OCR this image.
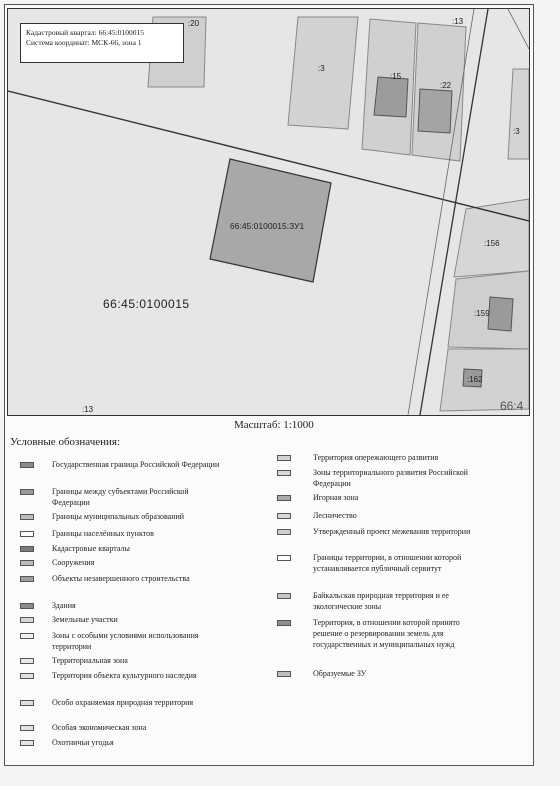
Кадастровый квартал: 66:45:0100015
Система координат: МСК-66, зона 1
:20	:13
:3
:15
:22
:3
66:45:0100015:ЗУ1
:156
66:45:0100015
:159
:162
:13	66:4
Масштаб: 1:1000
Условные обозначения:
Государственная граница Российской Федерации
Границы между субъектами Российской Федерации
Границы муниципальных образований
Границы населённых пунктов
Кадастровые кварталы
Сооружения
Объекты незавершенного строительства
Здания
Земельные участки
Зоны с особыми условиями использования территории
Территориальная зона
Территория объекта культурного наследия
Особо охраняемая природная территория
Особая экономическая зона
Охотничьи угодья
Территория опережающего развития
Зоны территориального развития Российской Федерации
Игорная зона
Лесничество
Утвержденный проект межевания территории
Границы территории, в отношении которой устанавливается публичный сервитут
Байкальская природная территория и ее экологические зоны
Территория, в отношении которой принято решение о резервировании земель для государственных и муниципальных нужд
Образуемые ЗУ
